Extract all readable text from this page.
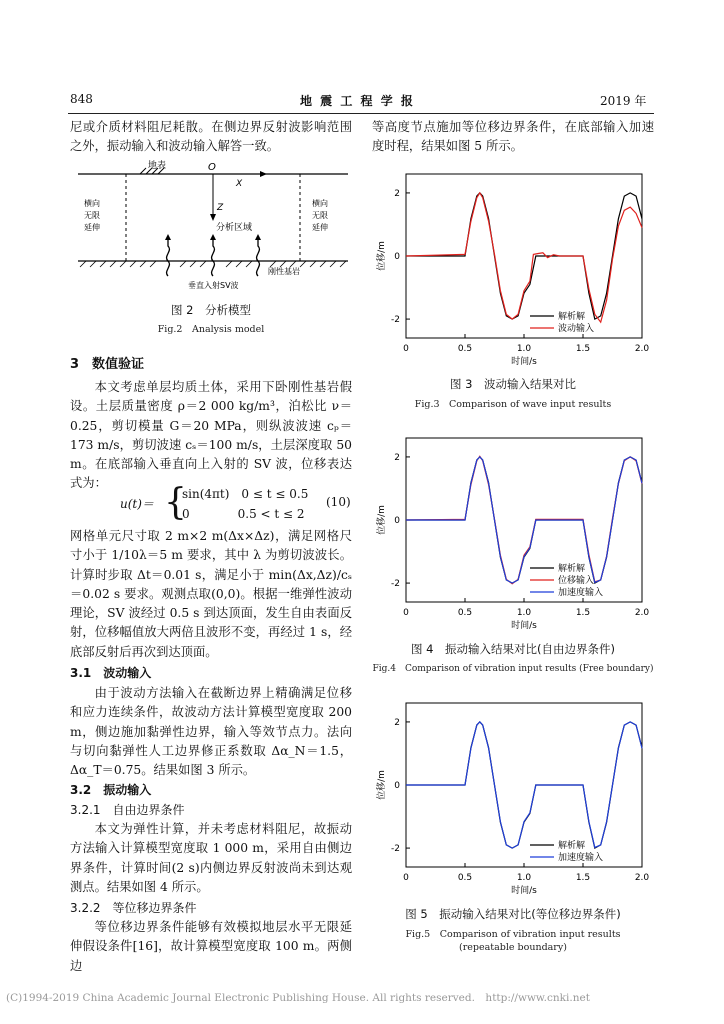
848	地 震 工 程 学 报	2019 年

尼或介质材料阻尼耗散。在侧边界反射波影响范围之外，振动输入和波动输入解答一致。

地表	O
X
Z
横向
无限
延伸
横向
无限
延伸
分析区域
刚性基岩
垂直入射SV波
图 2　分析模型
Fig.2　Analysis model
3　数值验证

本文考虑单层均质土体，采用下卧刚性基岩假设。土层质量密度 ρ＝2 000 kg/m³，泊松比 ν＝0.25，剪切模量 G＝20 MPa，则纵波波速 cₚ＝173 m/s，剪切波速 cₛ＝100 m/s，土层深度取 50 m。在底部输入垂直向上入射的 SV 波，位移表达式为：

u(t)＝ {
sin(4πt)　0 ≤ t ≤ 0.5
0　　　　0.5 < t ≤ 2
(10)

网格单元尺寸取 2 m×2 m(Δx×Δz)，满足网格尺寸小于 1/10λ＝5 m 要求，其中 λ 为剪切波波长。计算时步取 Δt＝0.01 s，满足小于 min(Δx,Δz)/cₛ＝0.02 s 要求。观测点取(0,0)。根据一维弹性波动理论，SV 波经过 0.5 s 到达顶面，发生自由表面反射，位移幅值放大两倍且波形不变，再经过 1 s，经底部反射后再次到达顶面。

3.1　波动输入

由于波动方法输入在截断边界上精确满足位移和应力连续条件，故波动方法计算模型宽度取 200 m，侧边施加黏弹性边界，输入等效节点力。法向与切向黏弹性人工边界修正系数取 Δα_N＝1.5，Δα_T＝0.75。结果如图 3 所示。

3.2　振动输入
3.2.1　自由边界条件

本文为弹性计算，并未考虑材料阻尼，故振动方法输入计算模型宽度取 1 000 m，采用自由侧边界条件，计算时间(2 s)内侧边界反射波尚未到达观测点。结果如图 4 所示。

3.2.2　等位移边界条件

等位移边界条件能够有效模拟地层水平无限延伸假设条件[16]，故计算模型宽度取 100 m。两侧边

等高度节点施加等位移边界条件，在底部输入加速度时程，结果如图 5 所示。

0	0.5	1.0	1.5	2.0
2
0
-2
时间/s
位移/m
解析解
波动输入
图 3　波动输入结果对比
Fig.3　Comparison of wave input results
0	0.5	1.0	1.5	2.0
2
0
-2
时间/s
位移/m
解析解
位移输入
加速度输入
图 4　振动输入结果对比(自由边界条件)
Fig.4　Comparison of vibration input results (Free boundary)
0	0.5	1.0	1.5	2.0
2
0
-2
时间/s
位移/m
解析解
加速度输入
图 5　振动输入结果对比(等位移边界条件)
Fig.5　Comparison of vibration input results
(repeatable boundary)
(C)1994-2019 China Academic Journal Electronic Publishing House. All rights reserved.　http://www.cnki.net
